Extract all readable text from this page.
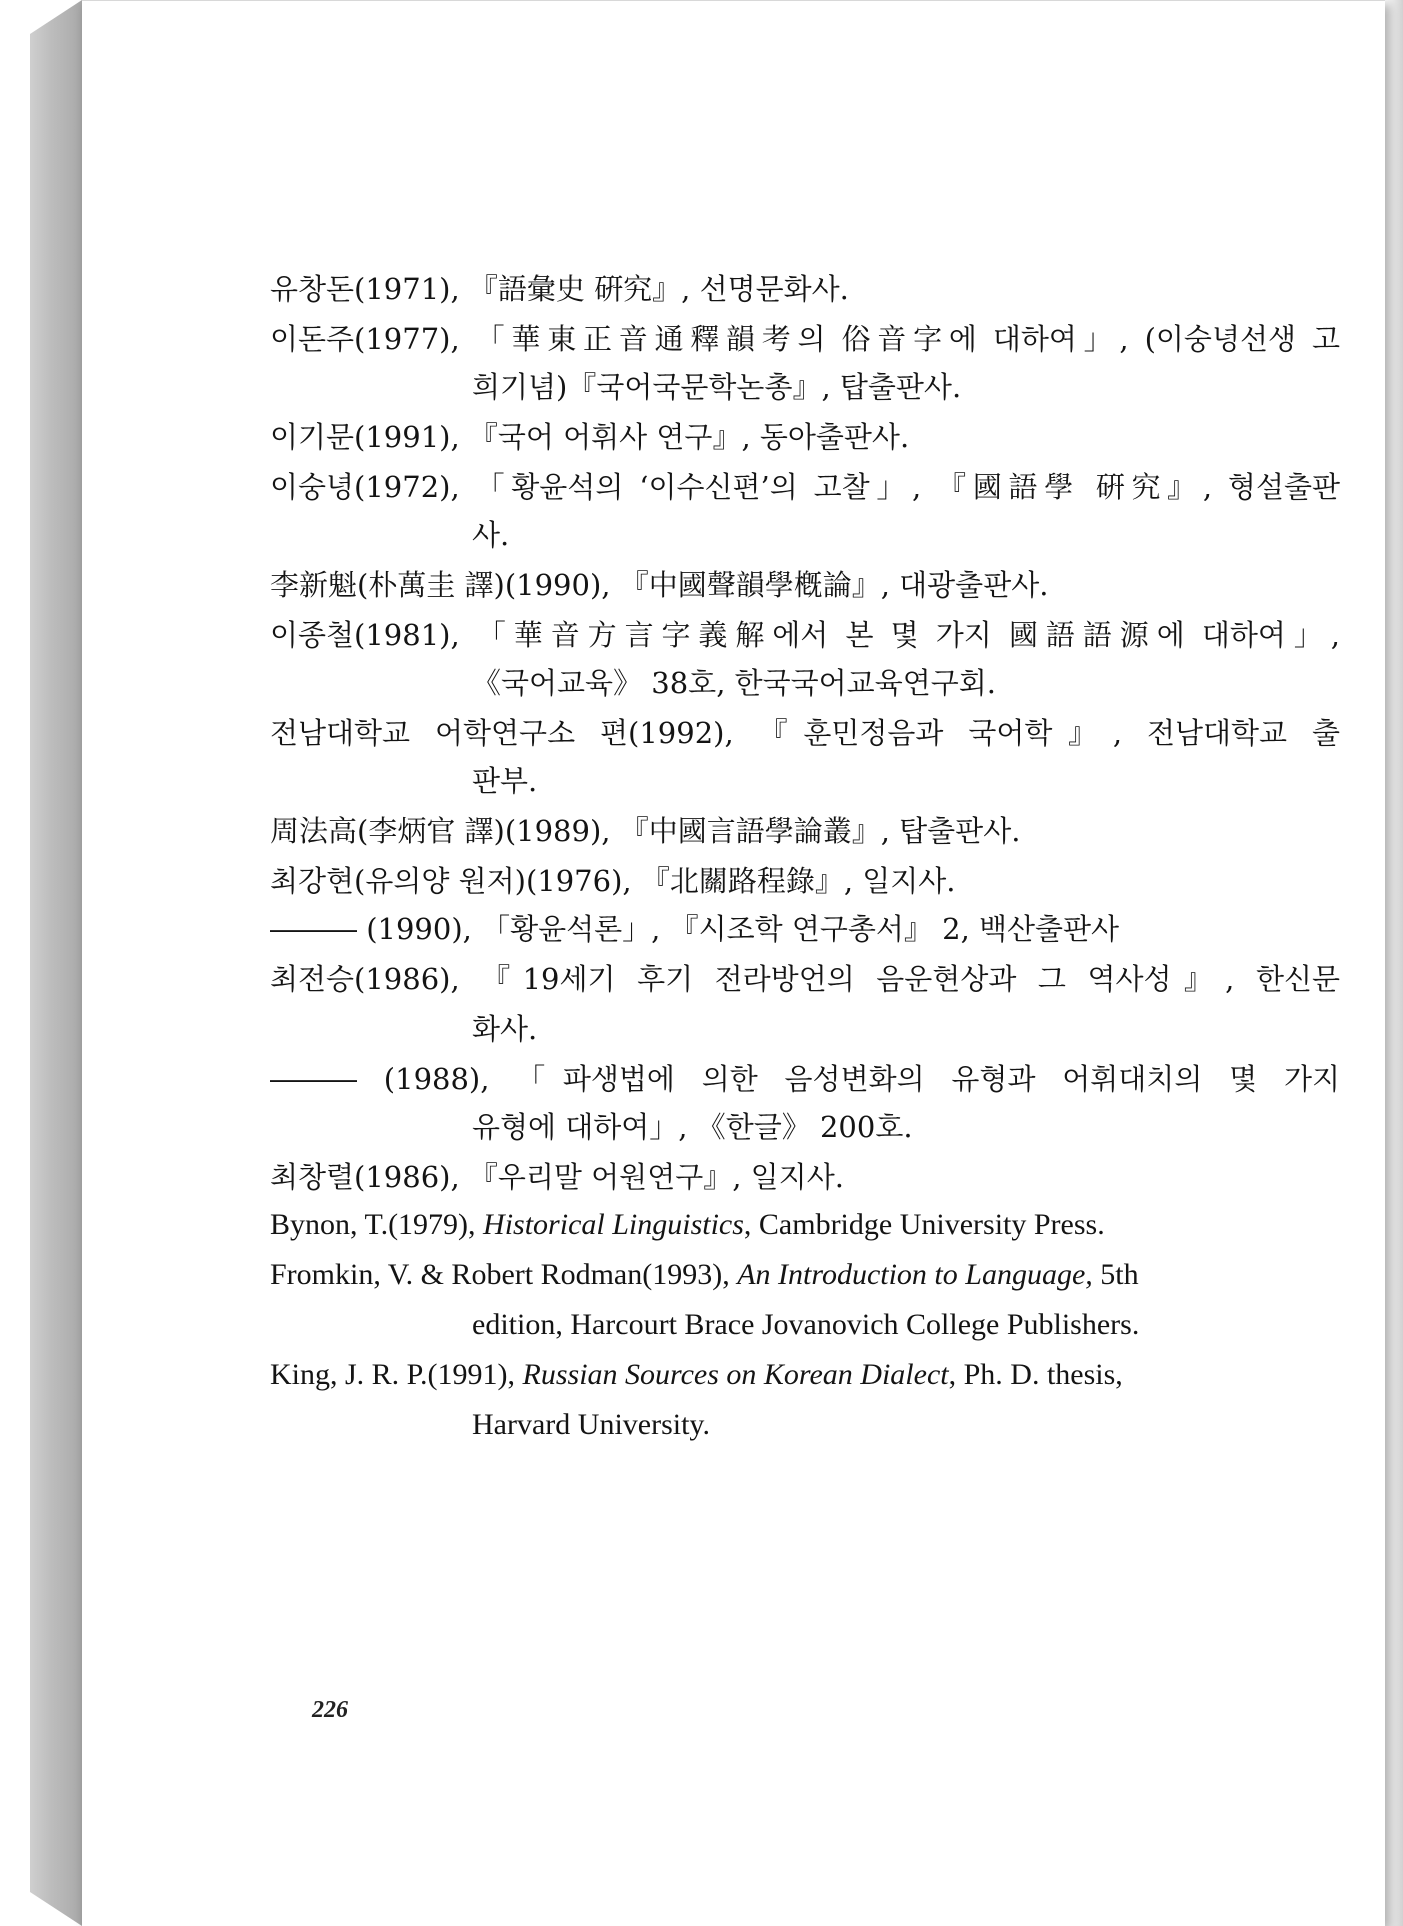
유창돈(1971), 『語彙史 硏究』, 선명문화사.
이돈주(1977), 「華東正音通釋韻考의 俗音字에 대하여」, (이숭녕선생 고
희기념)『국어국문학논총』, 탑출판사.
이기문(1991), 『국어 어휘사 연구』, 동아출판사.
이숭녕(1972), 「황윤석의 ‘이수신편’의 고찰」, 『國語學 硏究』, 형설출판
사.
李新魁(朴萬圭 譯)(1990), 『中國聲韻學槪論』, 대광출판사.
이종철(1981), 「華音方言字義解에서 본 몇 가지 國語語源에 대하여」,
《국어교육》 38호, 한국국어교육연구회.
전남대학교 어학연구소 편(1992), 『훈민정음과 국어학』, 전남대학교 출
판부.
周法高(李炳官 譯)(1989), 『中國言語學論叢』, 탑출판사.
최강현(유의양 원저)(1976), 『北關路程錄』, 일지사.
――― (1990), 「황윤석론」, 『시조학 연구총서』 2, 백산출판사
최전승(1986), 『19세기 후기 전라방언의 음운현상과 그 역사성』, 한신문
화사.
――― (1988), 「파생법에 의한 음성변화의 유형과 어휘대치의 몇 가지
유형에 대하여」, 《한글》 200호.
최창렬(1986), 『우리말 어원연구』, 일지사.
Bynon, T.(1979), Historical Linguistics, Cambridge University Press.
Fromkin, V. & Robert Rodman(1993), An Introduction to Language, 5th
edition, Harcourt Brace Jovanovich College Publishers.
King, J. R. P.(1991), Russian Sources on Korean Dialect, Ph. D. thesis,
Harvard University.
226
